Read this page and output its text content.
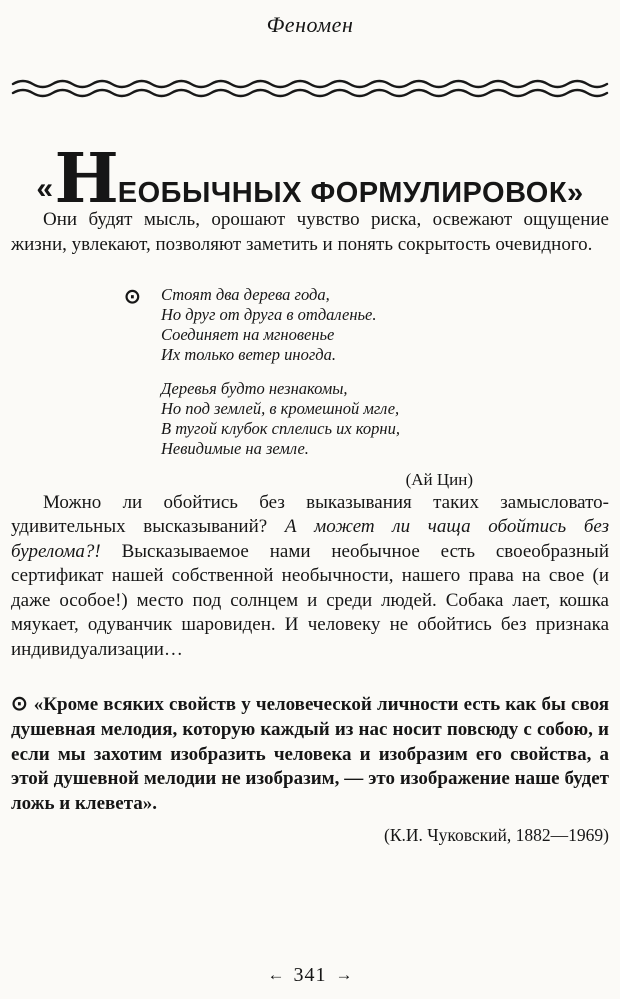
Феномен
«НЕОБЫЧНЫХ ФОРМУЛИРОВОК»

Они будят мысль, орошают чувство риска, освежают ощущение жизни, увлекают, позволяют заметить и понять сокрытость очевидного.

⊙ Стоят два дерева года,
Но друг от друга в отдаленье.
Соединяет на мгновенье
Их только ветер иногда.
Деревья будто незнакомы,
Но под землей, в кромешной мгле,
В тугой клубок сплелись их корни,
Невидимые на земле.
(Ай Цин)

Можно ли обойтись без выказывания таких замысловато-удивительных высказываний? А может ли чаща обойтись без бурелома?! Высказываемое нами необычное есть своеобразный сертификат нашей собственной необычности, нашего права на свое (и даже особое!) место под солнцем и среди людей. Собака лает, кошка мяукает, одуванчик шаровиден. И человеку не обойтись без признака индивидуализации…

⊙ «Кроме всяких свойств у человеческой личности есть как бы своя душевная мелодия, которую каждый из нас носит повсюду с собою, и если мы захотим изобразить человека и изобразим его свойства, а этой душевной мелодии не изобразим, — это изображение наше будет ложь и клевета».

(К.И. Чуковский, 1882—1969)
← 341 →
